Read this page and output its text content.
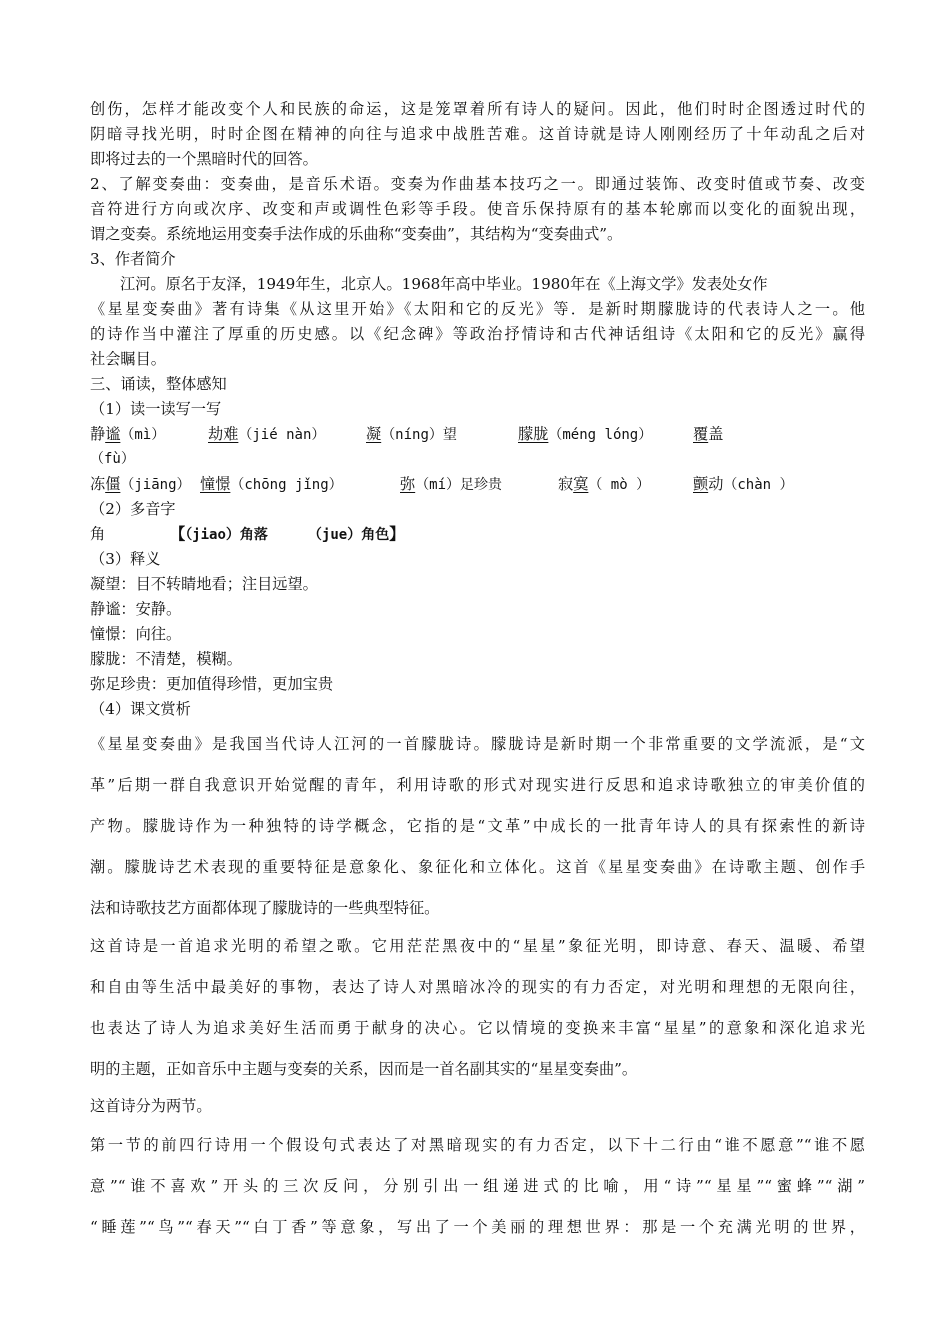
创伤，怎样才能改变个人和民族的命运，这是笼罩着所有诗人的疑问。因此，他们时时企图透过时代的
阴暗寻找光明，时时企图在精神的向往与追求中战胜苦难。这首诗就是诗人刚刚经历了十年动乱之后对
即将过去的一个黑暗时代的回答。
2、了解变奏曲：变奏曲，是音乐术语。变奏为作曲基本技巧之一。即通过装饰、改变时值或节奏、改变
音符进行方向或次序、改变和声或调性色彩等手段。使音乐保持原有的基本轮廓而以变化的面貌出现，
谓之变奏。系统地运用变奏手法作成的乐曲称“变奏曲”，其结构为“变奏曲式”。
3、作者简介
江河。原名于友泽，1949年生，北京人。1968年高中毕业。1980年在《上海文学》发表处女作
《星星变奏曲》著有诗集《从这里开始》《太阳和它的反光》等．是新时期朦胧诗的代表诗人之一。他
的诗作当中灌注了厚重的历史感。以《纪念碑》等政治抒情诗和古代神话组诗《太阳和它的反光》赢得
社会瞩目。
三、诵读，整体感知
（1）读一读写一写
静谧（mì）	劫难（jié nàn）	凝（níng）望	朦胧（méng lóng）	覆盖
（fù）
冻僵（jiāng） 憧憬（chōng jǐng）	弥（mí）足珍贵	寂寞（ mò ）	颤动（chàn ）
（2）多音字
角	【（jiao）角落	（jue）角色】
（3）释义
凝望：目不转睛地看；注目远望。
静谧：安静。
憧憬：向往。
朦胧：不清楚，模糊。
弥足珍贵：更加值得珍惜，更加宝贵
（4）课文赏析
《星星变奏曲》是我国当代诗人江河的一首朦胧诗。朦胧诗是新时期一个非常重要的文学流派，是“文
革”后期一群自我意识开始觉醒的青年，利用诗歌的形式对现实进行反思和追求诗歌独立的审美价值的
产物。朦胧诗作为一种独特的诗学概念，它指的是“文革”中成长的一批青年诗人的具有探索性的新诗
潮。朦胧诗艺术表现的重要特征是意象化、象征化和立体化。这首《星星变奏曲》在诗歌主题、创作手
法和诗歌技艺方面都体现了朦胧诗的一些典型特征。
这首诗是一首追求光明的希望之歌。它用茫茫黑夜中的“星星”象征光明，即诗意、春天、温暖、希望
和自由等生活中最美好的事物，表达了诗人对黑暗冰冷的现实的有力否定，对光明和理想的无限向往，
也表达了诗人为追求美好生活而勇于献身的决心。它以情境的变换来丰富“星星”的意象和深化追求光
明的主题，正如音乐中主题与变奏的关系，因而是一首名副其实的“星星变奏曲”。
这首诗分为两节。
第一节的前四行诗用一个假设句式表达了对黑暗现实的有力否定，以下十二行由“谁不愿意”“谁不愿
意”“谁不喜欢”开头的三次反问，分别引出一组递进式的比喻，用“诗”“星星”“蜜蜂”“湖”
“睡莲”“鸟”“春天”“白丁香”等意象，写出了一个美丽的理想世界：那是一个充满光明的世界，
